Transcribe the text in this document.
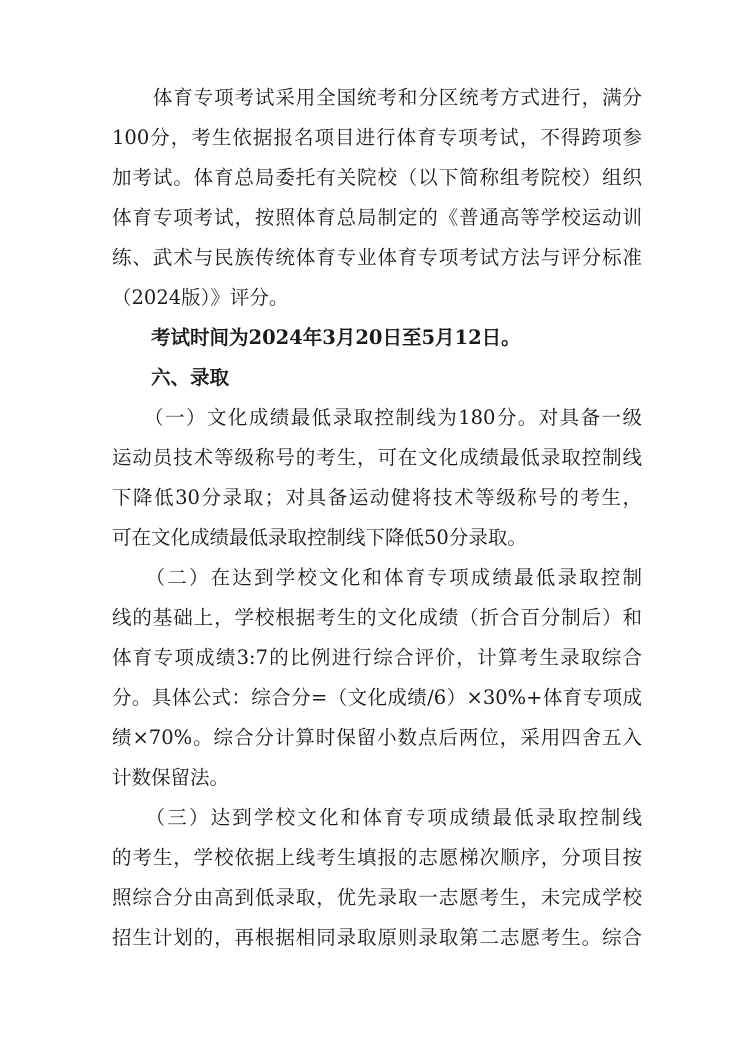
　　体育专项考试采用全国统考和分区统考方式进行，满分
100分，考生依据报名项目进行体育专项考试，不得跨项参
加考试。体育总局委托有关院校（以下简称组考院校）组织
体育专项考试，按照体育总局制定的《普通高等学校运动训
练、武术与民族传统体育专业体育专项考试方法与评分标准
（2024版）》评分。
　　考试时间为2024年3月20日至5月12日。
　　六、录取
　　（一）文化成绩最低录取控制线为180分。对具备一级
运动员技术等级称号的考生，可在文化成绩最低录取控制线
下降低30分录取；对具备运动健将技术等级称号的考生，
可在文化成绩最低录取控制线下降低50分录取。
　　（二）在达到学校文化和体育专项成绩最低录取控制
线的基础上，学校根据考生的文化成绩（折合百分制后）和
体育专项成绩3:7的比例进行综合评价，计算考生录取综合
分。具体公式：综合分=（文化成绩/6）×30%+体育专项成
绩×70%。综合分计算时保留小数点后两位，采用四舍五入
计数保留法。
　　（三）达到学校文化和体育专项成绩最低录取控制线
的考生，学校依据上线考生填报的志愿梯次顺序，分项目按
照综合分由高到低录取，优先录取一志愿考生，未完成学校
招生计划的，再根据相同录取原则录取第二志愿考生。综合
